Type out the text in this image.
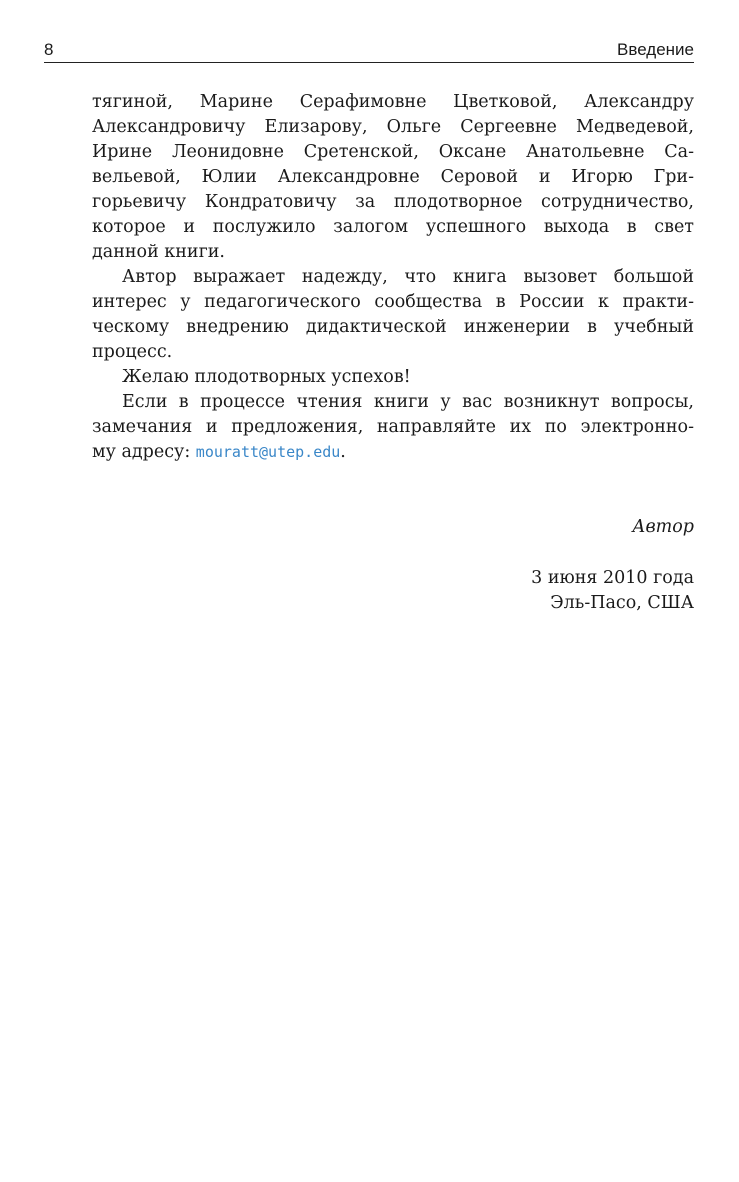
8	Введение
тягиной, Марине Серафимовне Цветковой, Александру
Александровичу Елизарову, Ольге Сергеевне Медведевой,
Ирине Леонидовне Сретенской, Оксане Анатольевне Са-
вельевой, Юлии Александровне Серовой и Игорю Гри-
горьевичу Кондратовичу за плодотворное сотрудничество,
которое и послужило залогом успешного выхода в свет
данной книги.
Автор выражает надежду, что книга вызовет большой
интерес у педагогического сообщества в России к практи-
ческому внедрению дидактической инженерии в учебный
процесс.
Желаю плодотворных успехов!
Если в процессе чтения книги у вас возникнут вопросы,
замечания и предложения, направляйте их по электронно-
му адресу: mouratt@utep.edu.
Автор
3 июня 2010 года
Эль-Пасо, США
